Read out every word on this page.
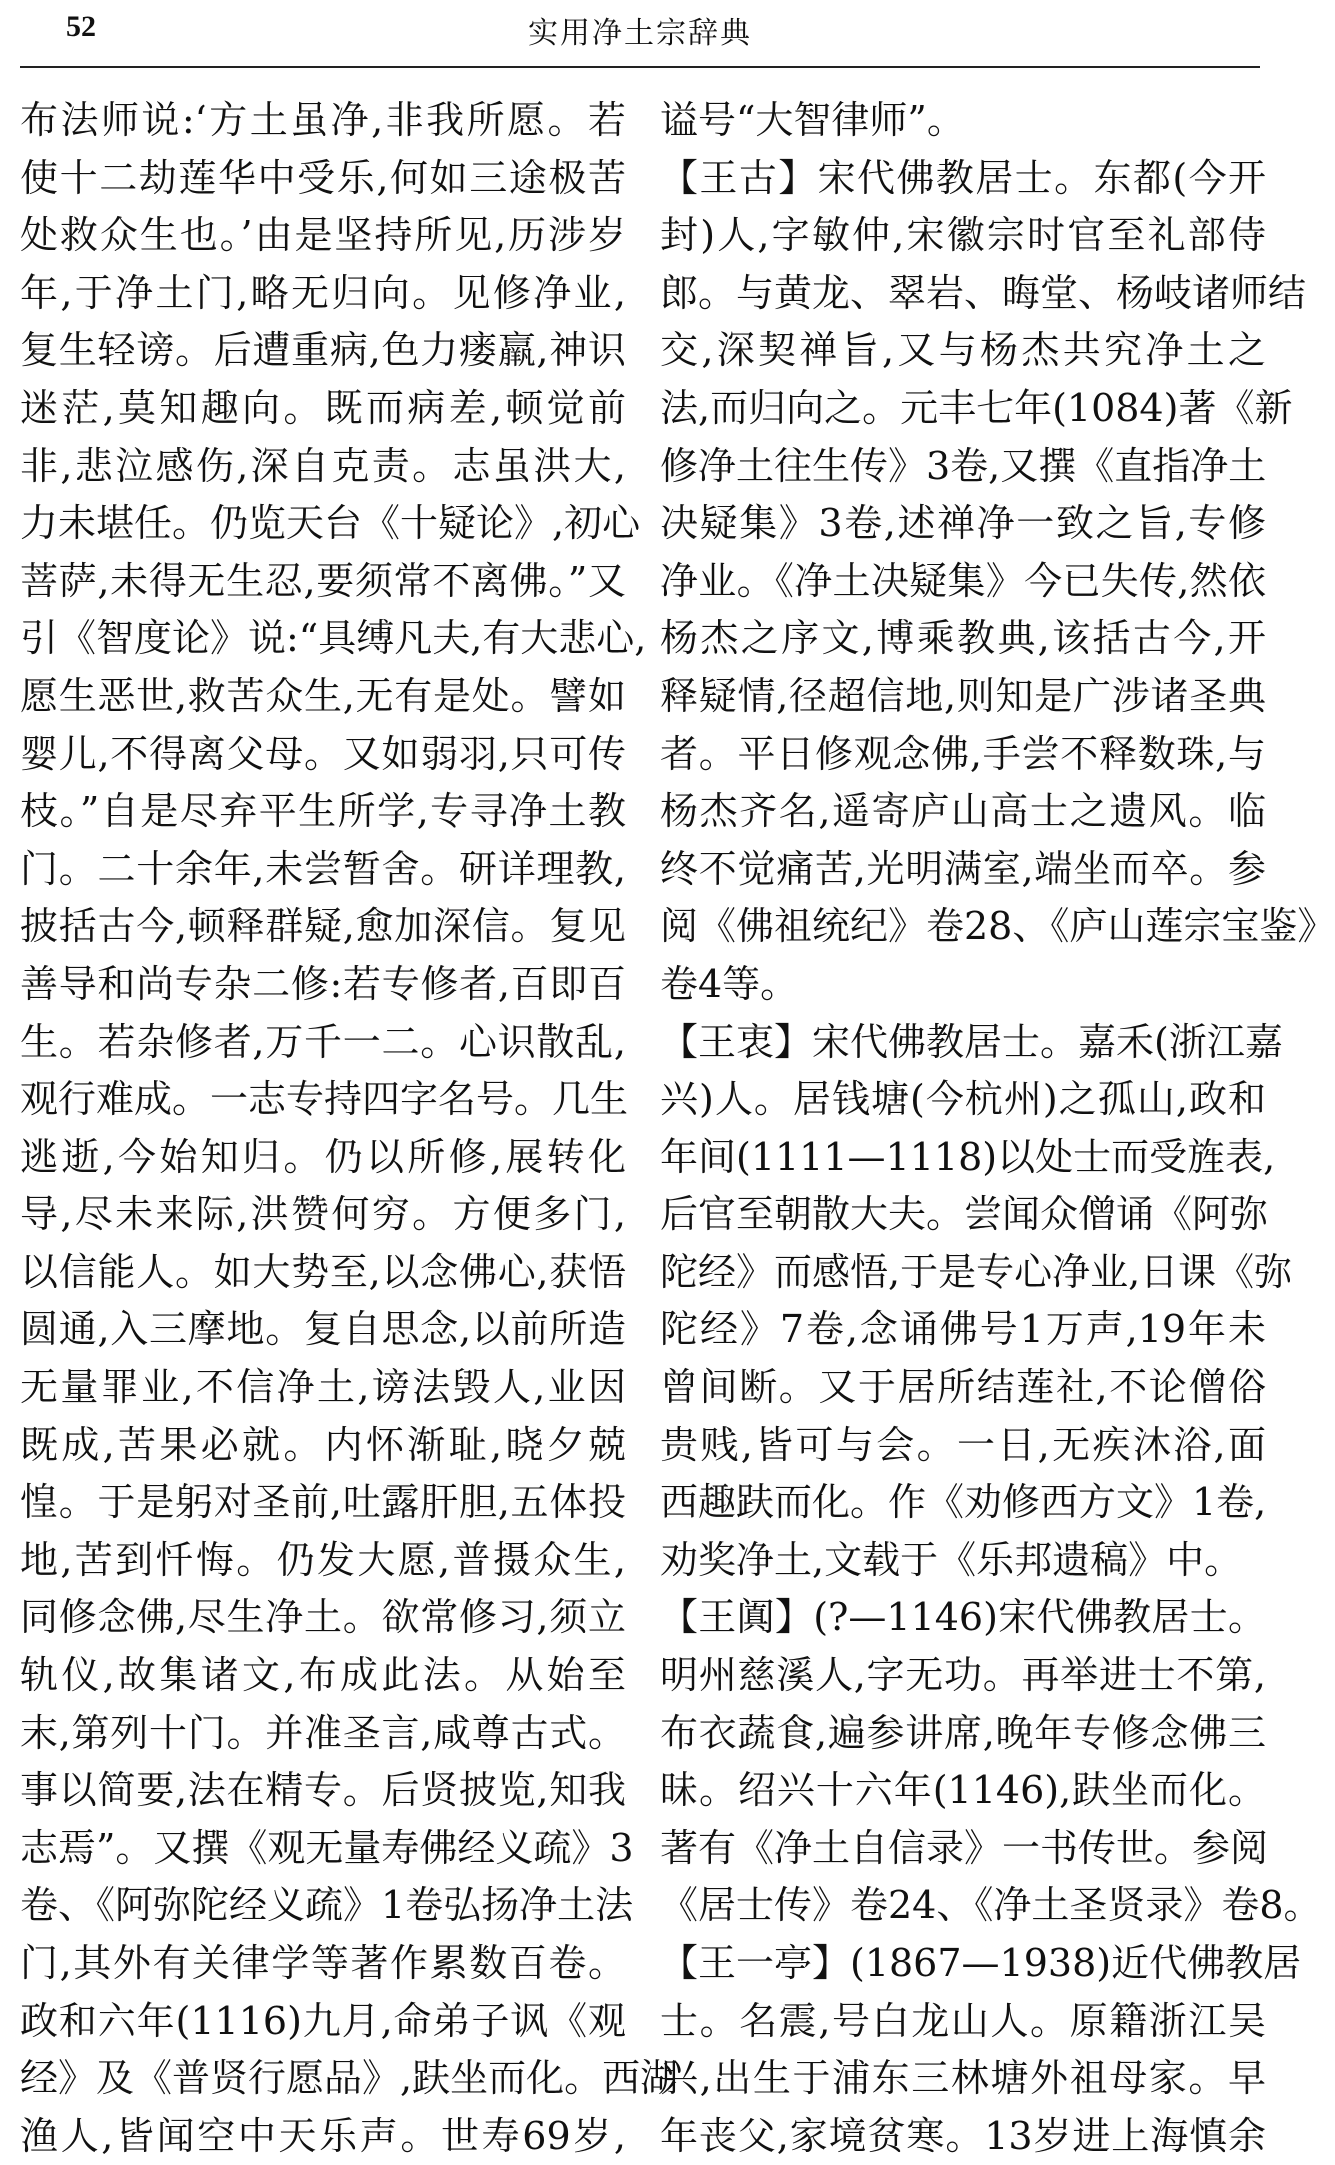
52	实用净土宗辞典
布法师说:‘方土虽净,非我所愿。若
使十二劫莲华中受乐,何如三途极苦
处救众生也。’由是坚持所见,历涉岁
年,于净土门,略无归向。见修净业,
复生轻谤。后遭重病,色力瘘羸,神识
迷茫,莫知趣向。既而病差,顿觉前
非,悲泣感伤,深自克责。志虽洪大,
力未堪任。仍览天台《十疑论》,初心
菩萨,未得无生忍,要须常不离佛。”又
引《智度论》说:“具缚凡夫,有大悲心,
愿生恶世,救苦众生,无有是处。譬如
婴儿,不得离父母。又如弱羽,只可传
枝。”自是尽弃平生所学,专寻净土教
门。二十余年,未尝暂舍。研详理教,
披括古今,顿释群疑,愈加深信。复见
善导和尚专杂二修:若专修者,百即百
生。若杂修者,万千一二。心识散乱,
观行难成。一志专持四字名号。几生
逃逝,今始知归。仍以所修,展转化
导,尽未来际,洪赞何穷。方便多门,
以信能人。如大势至,以念佛心,获悟
圆通,入三摩地。复自思念,以前所造
无量罪业,不信净土,谤法毁人,业因
既成,苦果必就。内怀渐耻,晓夕兢
惶。于是躬对圣前,吐露肝胆,五体投
地,苦到忏悔。仍发大愿,普摄众生,
同修念佛,尽生净土。欲常修习,须立
轨仪,故集诸文,布成此法。从始至
末,第列十门。并准圣言,咸尊古式。
事以简要,法在精专。后贤披览,知我
志焉”。又撰《观无量寿佛经义疏》3
卷、《阿弥陀经义疏》1卷弘扬净土法
门,其外有关律学等著作累数百卷。
政和六年(1116)九月,命弟子讽《观
经》及《普贤行愿品》,趺坐而化。西湖
渔人,皆闻空中天乐声。世寿69岁,
谥号“大智律师”。
【王古】宋代佛教居士。东都(今开
封)人,字敏仲,宋徽宗时官至礼部侍
郎。与黄龙、翠岩、晦堂、杨岐诸师结
交,深契禅旨,又与杨杰共究净土之
法,而归向之。元丰七年(1084)著《新
修净土往生传》3卷,又撰《直指净土
决疑集》3卷,述禅净一致之旨,专修
净业。《净土决疑集》今已失传,然依
杨杰之序文,博乘教典,该括古今,开
释疑情,径超信地,则知是广涉诸圣典
者。平日修观念佛,手尝不释数珠,与
杨杰齐名,遥寄庐山高士之遗风。临
终不觉痛苦,光明满室,端坐而卒。参
阅《佛祖统纪》卷28、《庐山莲宗宝鉴》
卷4等。
【王衷】宋代佛教居士。嘉禾(浙江嘉
兴)人。居钱塘(今杭州)之孤山,政和
年间(1111—1118)以处士而受旌表,
后官至朝散大夫。尝闻众僧诵《阿弥
陀经》而感悟,于是专心净业,日课《弥
陀经》7卷,念诵佛号1万声,19年未
曾间断。又于居所结莲社,不论僧俗
贵贱,皆可与会。一日,无疾沐浴,面
西趣趺而化。作《劝修西方文》1卷,
劝奖净土,文载于《乐邦遗稿》中。
【王阗】(?—1146)宋代佛教居士。
明州慈溪人,字无功。再举进士不第,
布衣蔬食,遍参讲席,晚年专修念佛三
昧。绍兴十六年(1146),趺坐而化。
著有《净土自信录》一书传世。参阅
《居士传》卷24、《净土圣贤录》卷8。
【王一亭】(1867—1938)近代佛教居
士。名震,号白龙山人。原籍浙江吴
兴,出生于浦东三林塘外祖母家。早
年丧父,家境贫寒。13岁进上海慎余
